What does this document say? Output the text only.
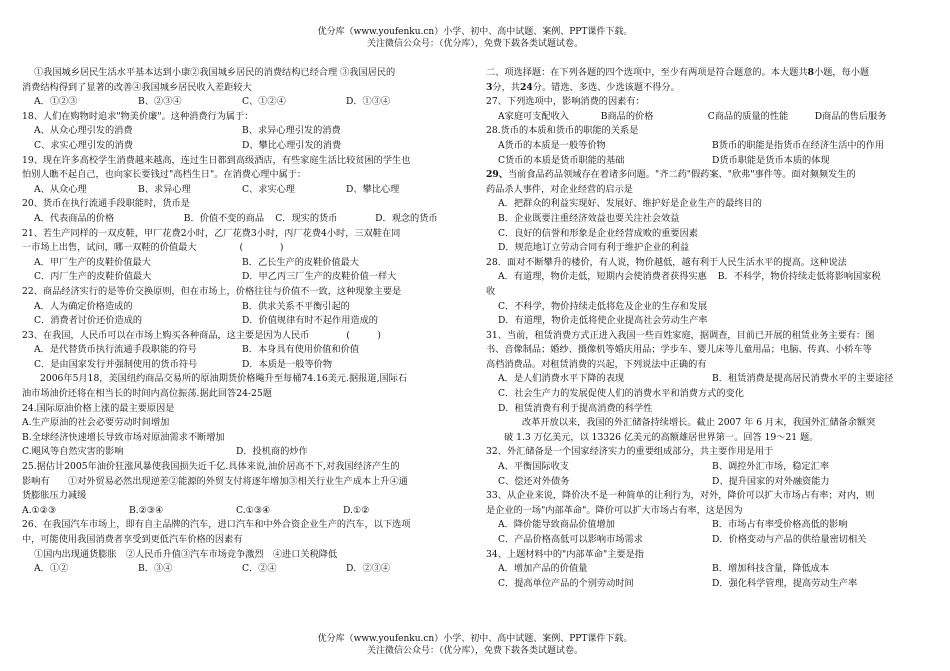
优分库（www.youfenku.cn）小学、初中、高中试题、案例、PPT课件下载。
关注微信公众号：（优分库），免费下载各类试题试卷。
①我国城乡居民生活水平基本达到小康②我国城乡居民的消费结构已经合理 ③我国居民的
消费结构得到了显著的改善④我国城乡居民收入差距较大
A．①②③	B、②③④	C、①②④	D．①③④
18、人们在购物时追求"物美价廉"。这种消费行为属于：
A、从众心理引发的消费	B、求异心理引发的消费
C、求实心理引发的消费	D、攀比心理引发的消费
19、现在许多高校学生消费越来越高，连过生日都到高级酒店，有些家庭生活比较贫困的学生也
怕别人瞧不起自己，也向家长要钱过"高档生日"。在消费心理中属于：
A、从众心理	B、求异心理	C、求实心理	D、攀比心理
20、货币在执行流通手段职能时，货币是
A．代表商品的价格	B．价值不变的商品	C．现实的货币	D．观念的货币
21、若生产同样的一双皮鞋，甲厂花费2小时，乙厂花费3小时，丙厂花费4小时，三双鞋在同
一市场上出售，试问，哪一双鞋的价值最大	(　　　　)
A．甲厂生产的皮鞋价值最大	B．乙长生产的皮鞋价值最大
C．丙厂生产的皮鞋价值最大	D．甲乙丙三厂生产的皮鞋价值一样大
22、商品经济实行的是等价交换原则，但在市场上，价格往往与价值不一致，这种现象主要是
A．人为确定价格造成的	B．供求关系不平衡引起的
C．消费者讨价还价造成的	D．价值规律有时不起作用造成的
23、在我国，人民币可以在市场上购买各种商品，这主要是因为人民币	(　　　)
A．是代替货币执行流通手段职能的符号	B．本身具有使用价值和价值
C．是由国家发行并强制使用的货币符号	D．本质是一般等价物
2006年5月18，美国纽约商品交易所的原油期货价格飚升至每桶74.16美元.据报道,国际石
油市场油价还将在相当长的时间内高位振荡.据此回答24-25题
24.国际原油价格上涨的最主要原因是
A.生产原油的社会必要劳动时间增加
B.全球经济快速增长导致市场对原油需求不断增加
C.飓风等自然灾害的影响	D．投机商的炒作
25.据估计2005年油价狂涨风暴使我国损失近千亿.具体来说,油价居高不下,对我国经济产生的
影响有　　①对外贸易必然出现逆差②能源的外贸支付将逐年增加③相关行业生产成本上升④通
货膨胀压力减缓
A.①②③	B.②③④	C.①③④	D.①②
26、在我国汽车市场上，即有自主品牌的汽车，进口汽车和中外合资企业生产的汽车，以下选项
中，可能使用我国消费者享受到更低汽车价格的因素有
①国内出现通货膨胀　②人民币升值③汽车市场竞争激烈　④进口关税降低
A．①②	B．③④	C．②④	D．②③④
二、项选择题：在下列各题的四个选项中，至少有两项是符合题意的。本大题共8小题，每小题
3分，共24分。错选、多选、少选该题不得分。
27、下列选项中，影响消费的因素有：
A家庭可支配收入	B商品的价格	C商品的质量的性能	D商品的售后服务
28.货币的本质和货币的职能的关系是
A货币的本质是一般等价物	B货币的职能是指货币在经济生活中的作用
C货币的本质是货币职能的基础	D货币职能是货币本质的体现
29、当前食品药品领域存在着诸多问题。"齐二药"假药案、"欣弗"事件等。面对频频发生的
药品杀人事件，对企业经营的启示是
A．把群众的利益实现好、发展好、维护好是企业生产的最终目的
B．企业既要注重经济效益也要关注社会效益
C．良好的信誉和形象是企业经营成败的重要因素
D．规范地订立劳动合同有利于维护企业的利益
28．面对不断攀升的楼价，有人说，物价越低，越有利于人民生活水平的提高。这种说法
A．有道理，物价走低，短期内会使消费者获得实惠 B．不科学，物价持续走低将影响国家税
收
C．不科学，物价持续走低将危及企业的生存和发展
D．有道理，物价走低将使企业提高社会劳动生产率
31、当前，租赁消费方式正进入我国一些百姓家庭，据调查，目前已开展的租赁业务主要有：图
书、音像制品；婚纱、摄像机等婚庆用品；学步车、婴儿床等儿童用品；电脑、传真、小轿车等
高档消费品。对租赁消费的兴起，下列说法中正确的有
A．是人们消费水平下降的表现	B．租赁消费是提高居民消费水平的主要途径
C．社会生产力的发展促使人们的消费水平和消费方式的变化
D．租赁消费有利于提高消费的科学性
改革开放以来，我国的外汇储备持续增长。截止 2007 年 6 月末，我国外汇储备余额突
破 1.3 万亿美元，以 13326 亿美元的高额雄居世界第一。回答 19～21 题。
32、外汇储备是一个国家经济实力的重要组成部分，共主要作用是用于
A、平衡国际收支	B、调控外汇市场，稳定汇率
C、偿还对外债务	D、提升国家的对外融资能力
33、从企业来说，降价决不是一种简单的让利行为，对外，降价可以扩大市场占有率；对内，则
是企业的一场"内部革命"。降价可以扩大市场占有率，这是因为
A．降价能导致商品价值增加	B．市场占有率受价格高低的影响
C．产品价格高低可以影响市场需求	D．价格变动与产品的供给量密切相关
34、上题材料中的"内部革命"主要是指
A．增加产品的价值量	B．增加科技含量，降低成本
C．提高单位产品的个别劳动时间	D．强化科学管理，提高劳动生产率
优分库（www.youfenku.cn）小学、初中、高中试题、案例、PPT课件下载。
关注微信公众号：（优分库），免费下载各类试题试卷。
